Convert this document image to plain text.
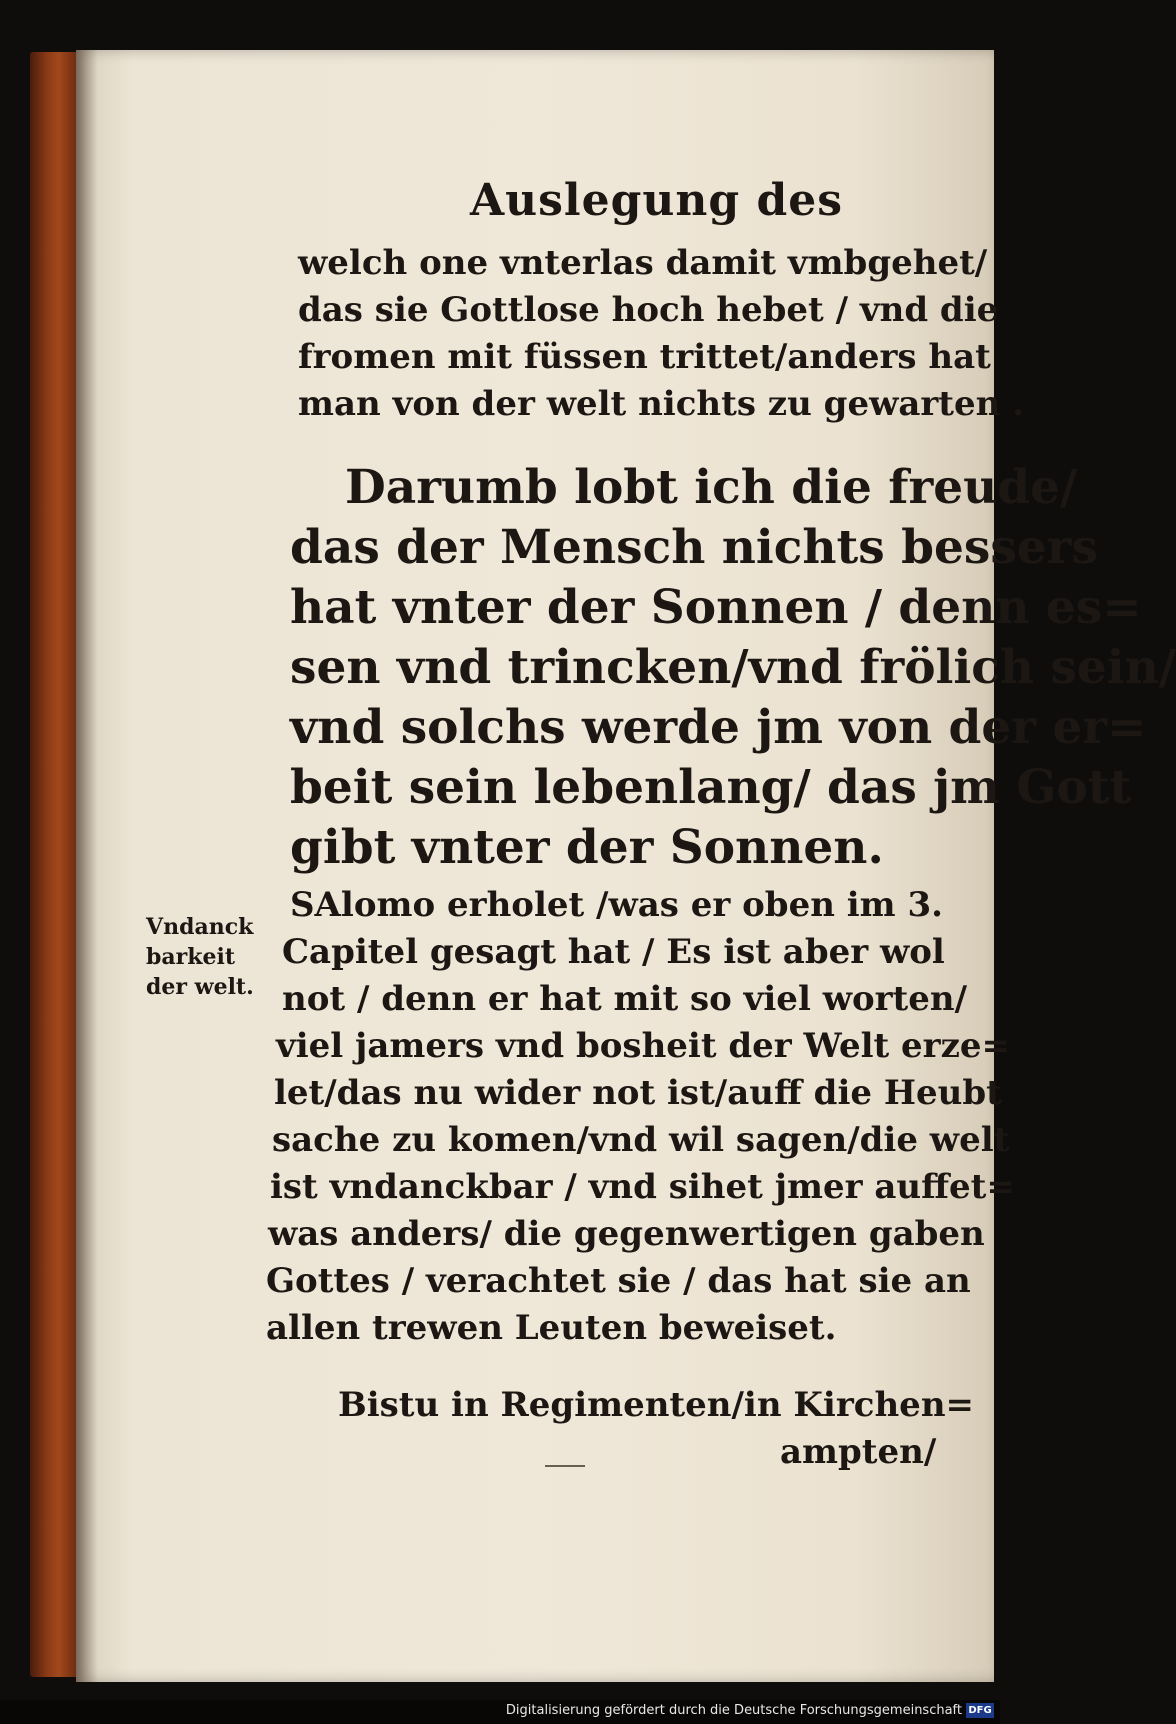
Auslegung des
welch one vnterlas damit vmbgehet/
das sie Gottlose hoch hebet / vnd die
fromen mit füssen trittet/anders hat
man von der welt nichts zu gewarten .
Darumb lobt ich die freude/
das der Mensch nichts bessers
hat vnter der Sonnen / denn es=
sen vnd trincken/vnd frölich sein/
vnd solchs werde jm von der er=
beit sein lebenlang/ das jm Gott
gibt vnter der Sonnen.
Vndanck
barkeit
der welt.
SAlomo erholet /was er oben im 3.
Capitel gesagt hat / Es ist aber wol
not / denn er hat mit so viel worten/
viel jamers vnd bosheit der Welt erze=
let/das nu wider not ist/auff die Heubt
sache zu komen/vnd wil sagen/die welt
ist vndanckbar / vnd sihet jmer auffet=
was anders/ die gegenwertigen gaben
Gottes / verachtet sie / das hat sie an
allen trewen Leuten beweiset.
Bistu in Regimenten/in Kirchen=
ampten/
Digitalisierung gefördert durch die Deutsche Forschungsgemeinschaft DFG
